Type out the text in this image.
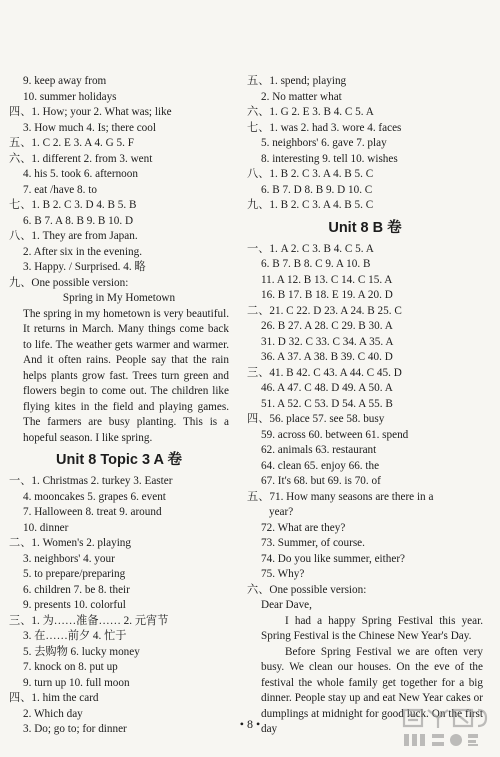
9. keep away from
10. summer holidays
四、1. How; your 2. What was; like
3. How much 4. Is; there cool
五、1. C 2. E 3. A 4. G 5. F
六、1. different 2. from 3. went
4. his 5. took 6. afternoon
7. eat /have 8. to
七、1. B 2. C 3. D 4. B 5. B
6. B 7. A 8. B 9. B 10. D
八、1. They are from Japan.
2. After six in the evening.
3. Happy. / Surprised. 4. 略
九、One possible version:
Spring in My Hometown
The spring in my hometown is very beautiful. It returns in March. Many things come back to life. The weather gets warmer and warmer. And it often rains. People say that the rain helps plants grow fast. Trees turn green and flowers begin to come out. The children like flying kites in the field and playing games. The farmers are busy planting. This is a hopeful season. I like spring.
Unit 8 Topic 3 A 卷
一、1. Christmas 2. turkey 3. Easter
4. mooncakes 5. grapes 6. event
7. Halloween 8. treat 9. around
10. dinner
二、1. Women's 2. playing
3. neighbors' 4. your
5. to prepare/preparing
6. children 7. be 8. their
9. presents 10. colorful
三、1. 为……准备…… 2. 元宵节
3. 在……前夕 4. 忙于
5. 去购物 6. lucky money
7. knock on 8. put up
9. turn up 10. full moon
四、1. him the card
2. Which day
3. Do; go to; for dinner
五、1. spend; playing
2. No matter what
六、1. G 2. E 3. B 4. C 5. A
七、1. was 2. had 3. wore 4. faces
5. neighbors' 6. gave 7. play
8. interesting 9. tell 10. wishes
八、1. B 2. C 3. A 4. B 5. C
6. B 7. D 8. B 9. D 10. C
九、1. B 2. C 3. A 4. B 5. C
Unit 8 B 卷
一、1. A 2. C 3. B 4. C 5. A
6. B 7. B 8. C 9. A 10. B
11. A 12. B 13. C 14. C 15. A
16. B 17. B 18. E 19. A 20. D
二、21. C 22. D 23. A 24. B 25. C
26. B 27. A 28. C 29. B 30. A
31. D 32. C 33. C 34. A 35. A
36. A 37. A 38. B 39. C 40. D
三、41. B 42. C 43. A 44. C 45. D
46. A 47. C 48. D 49. A 50. A
51. A 52. C 53. D 54. A 55. B
四、56. place 57. see 58. busy
59. across 60. between 61. spend
62. animals 63. restaurant
64. clean 65. enjoy 66. the
67. It's 68. but 69. is 70. of
五、71. How many seasons are there in a
year?
72. What are they?
73. Summer, of course.
74. Do you like summer, either?
75. Why?
六、One possible version:
Dear Dave,
I had a happy Spring Festival this year. Spring Festival is the Chinese New Year's Day.
Before Spring Festival we are often very busy. We clean our houses. On the eve of the festival the whole family get together for a big dinner. People stay up and eat New Year cakes or dumplings at midnight for good luck. On the first day
• 8 •
